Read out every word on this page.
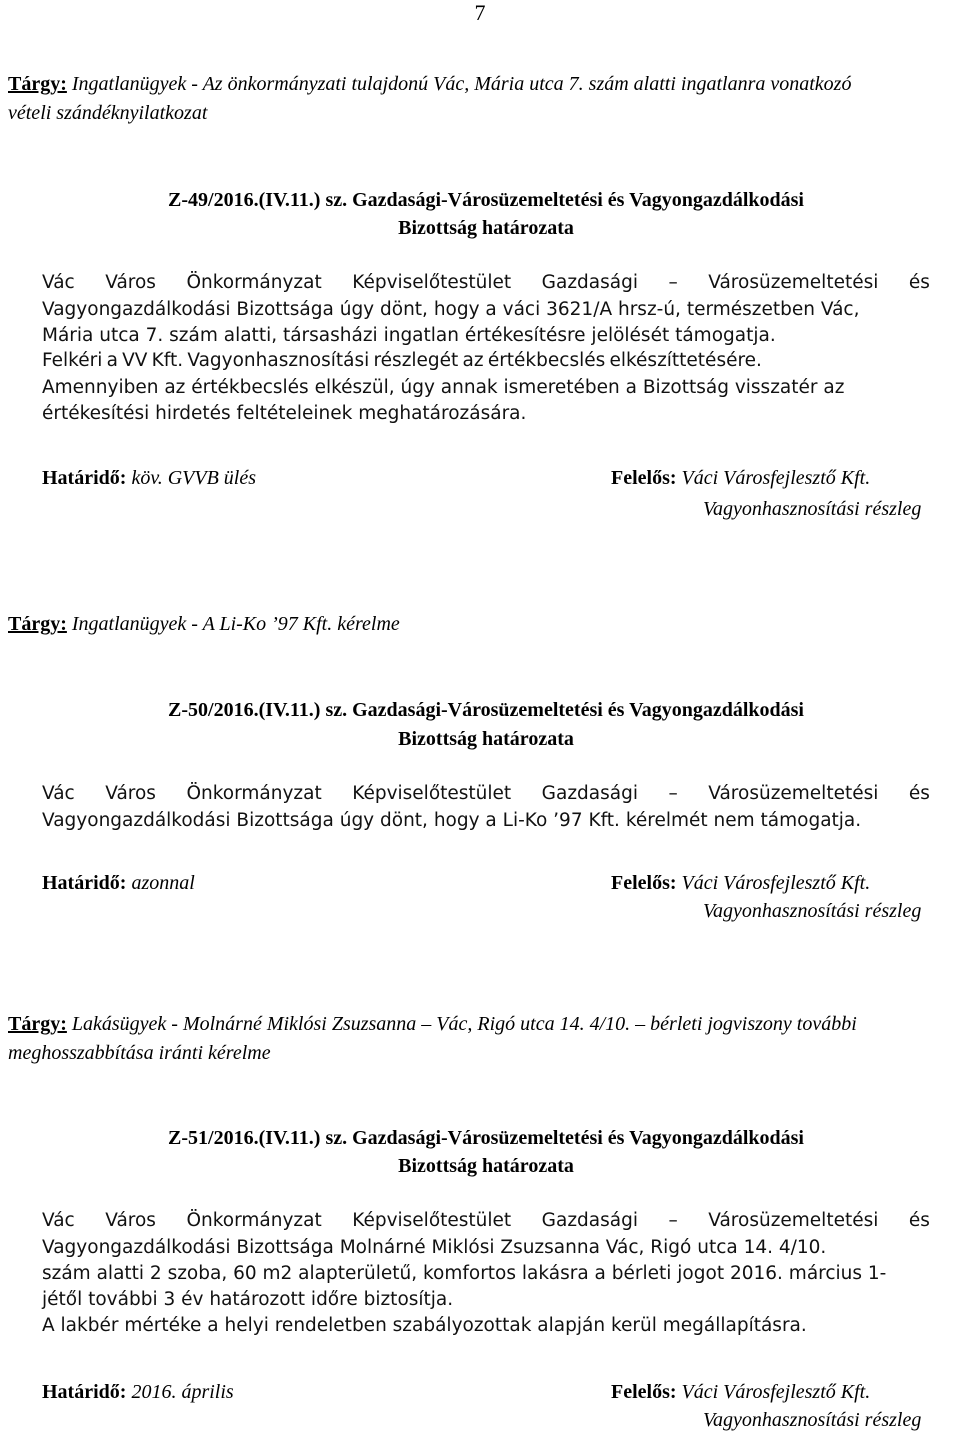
7
Tárgy: Ingatlanügyek - Az önkormányzati tulajdonú Vác, Mária utca 7. szám alatti ingatlanra vonatkozó
vételi szándéknyilatkozat
Z-49/2016.(IV.11.) sz. Gazdasági-Városüzemeltetési és Vagyongazdálkodási
Bizottság határozata
Vác Város Önkormányzat Képviselőtestület Gazdasági – Városüzemeltetési és
Vagyongazdálkodási Bizottsága úgy dönt, hogy a váci 3621/A hrsz-ú, természetben Vác,
Mária utca 7. szám alatti, társasházi ingatlan értékesítésre jelölését támogatja.
Felkéri a VV Kft. Vagyonhasznosítási részlegét az értékbecslés elkészíttetésére.
Amennyiben az értékbecslés elkészül, úgy annak ismeretében a Bizottság visszatér az
értékesítési hirdetés feltételeinek meghatározására.
Határidő: köv. GVVB ülés	Felelős: Váci Városfejlesztő Kft.
Vagyonhasznosítási részleg
Tárgy: Ingatlanügyek - A Li-Ko ’97 Kft. kérelme
Z-50/2016.(IV.11.) sz. Gazdasági-Városüzemeltetési és Vagyongazdálkodási
Bizottság határozata
Vác Város Önkormányzat Képviselőtestület Gazdasági – Városüzemeltetési és
Vagyongazdálkodási Bizottsága úgy dönt, hogy a Li-Ko ’97 Kft. kérelmét nem támogatja.
Határidő: azonnal	Felelős: Váci Városfejlesztő Kft.
Vagyonhasznosítási részleg
Tárgy: Lakásügyek - Molnárné Miklósi Zsuzsanna – Vác, Rigó utca 14. 4/10. – bérleti jogviszony további
meghosszabbítása iránti kérelme
Z-51/2016.(IV.11.) sz. Gazdasági-Városüzemeltetési és Vagyongazdálkodási
Bizottság határozata
Vác Város Önkormányzat Képviselőtestület Gazdasági – Városüzemeltetési és
Vagyongazdálkodási Bizottsága Molnárné Miklósi Zsuzsanna Vác, Rigó utca 14. 4/10.
szám alatti 2 szoba, 60 m2 alapterületű, komfortos lakásra a bérleti jogot 2016. március 1-
jétől további 3 év határozott időre biztosítja.
A lakbér mértéke a helyi rendeletben szabályozottak alapján kerül megállapításra.
Határidő: 2016. április	Felelős: Váci Városfejlesztő Kft.
Vagyonhasznosítási részleg
